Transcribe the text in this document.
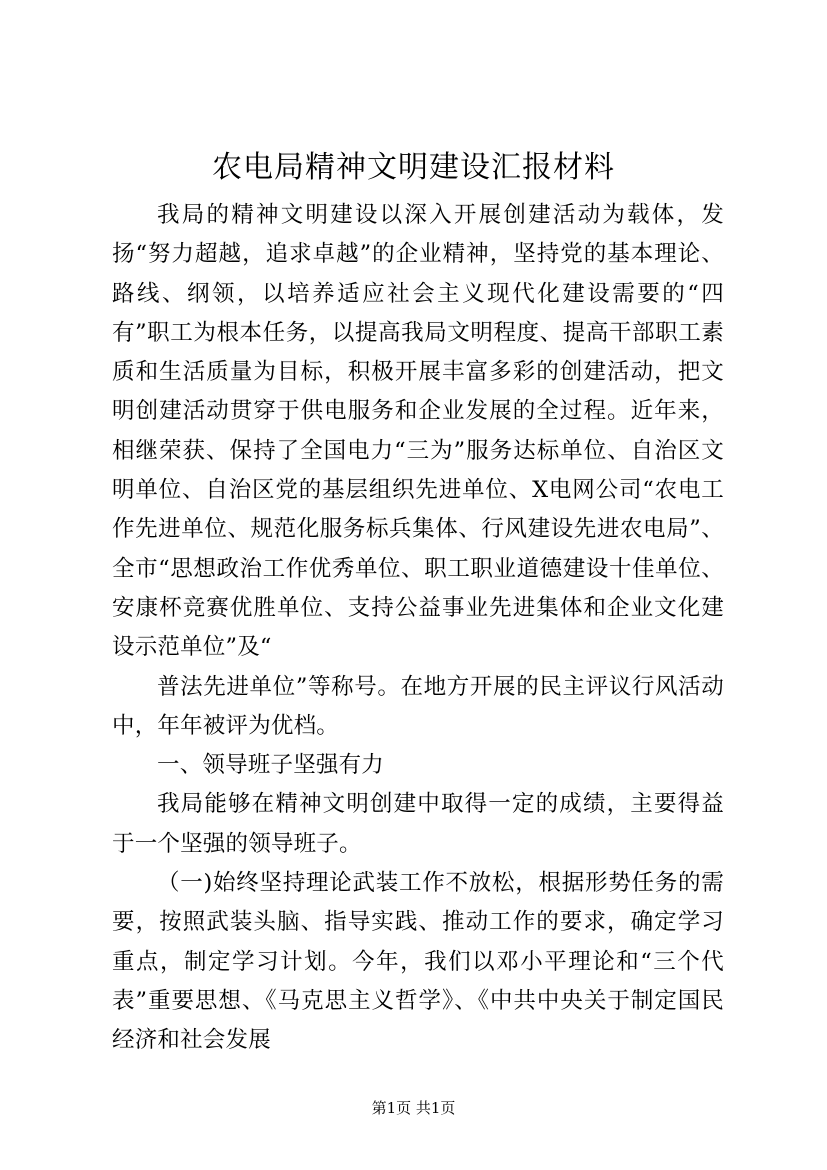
农电局精神文明建设汇报材料

我局的精神文明建设以深入开展创建活动为载体，发扬“努力超越，追求卓越”的企业精神，坚持党的基本理论、路线、纲领，以培养适应社会主义现代化建设需要的“四有”职工为根本任务，以提高我局文明程度、提高干部职工素质和生活质量为目标，积极开展丰富多彩的创建活动，把文明创建活动贯穿于供电服务和企业发展的全过程。近年来，相继荣获、保持了全国电力“三为”服务达标单位、自治区文明单位、自治区党的基层组织先进单位、X电网公司“农电工作先进单位、规范化服务标兵集体、行风建设先进农电局”、全市“思想政治工作优秀单位、职工职业道德建设十佳单位、安康杯竞赛优胜单位、支持公益事业先进集体和企业文化建设示范单位”及“

普法先进单位”等称号。在地方开展的民主评议行风活动中，年年被评为优档。

一、领导班子坚强有力

我局能够在精神文明创建中取得一定的成绩，主要得益于一个坚强的领导班子。

（一)始终坚持理论武装工作不放松，根据形势任务的需要，按照武装头脑、指导实践、推动工作的要求，确定学习重点，制定学习计划。今年，我们以邓小平理论和“三个代表”重要思想、《马克思主义哲学》、《中共中央关于制定国民经济和社会发展

第1页 共1页
